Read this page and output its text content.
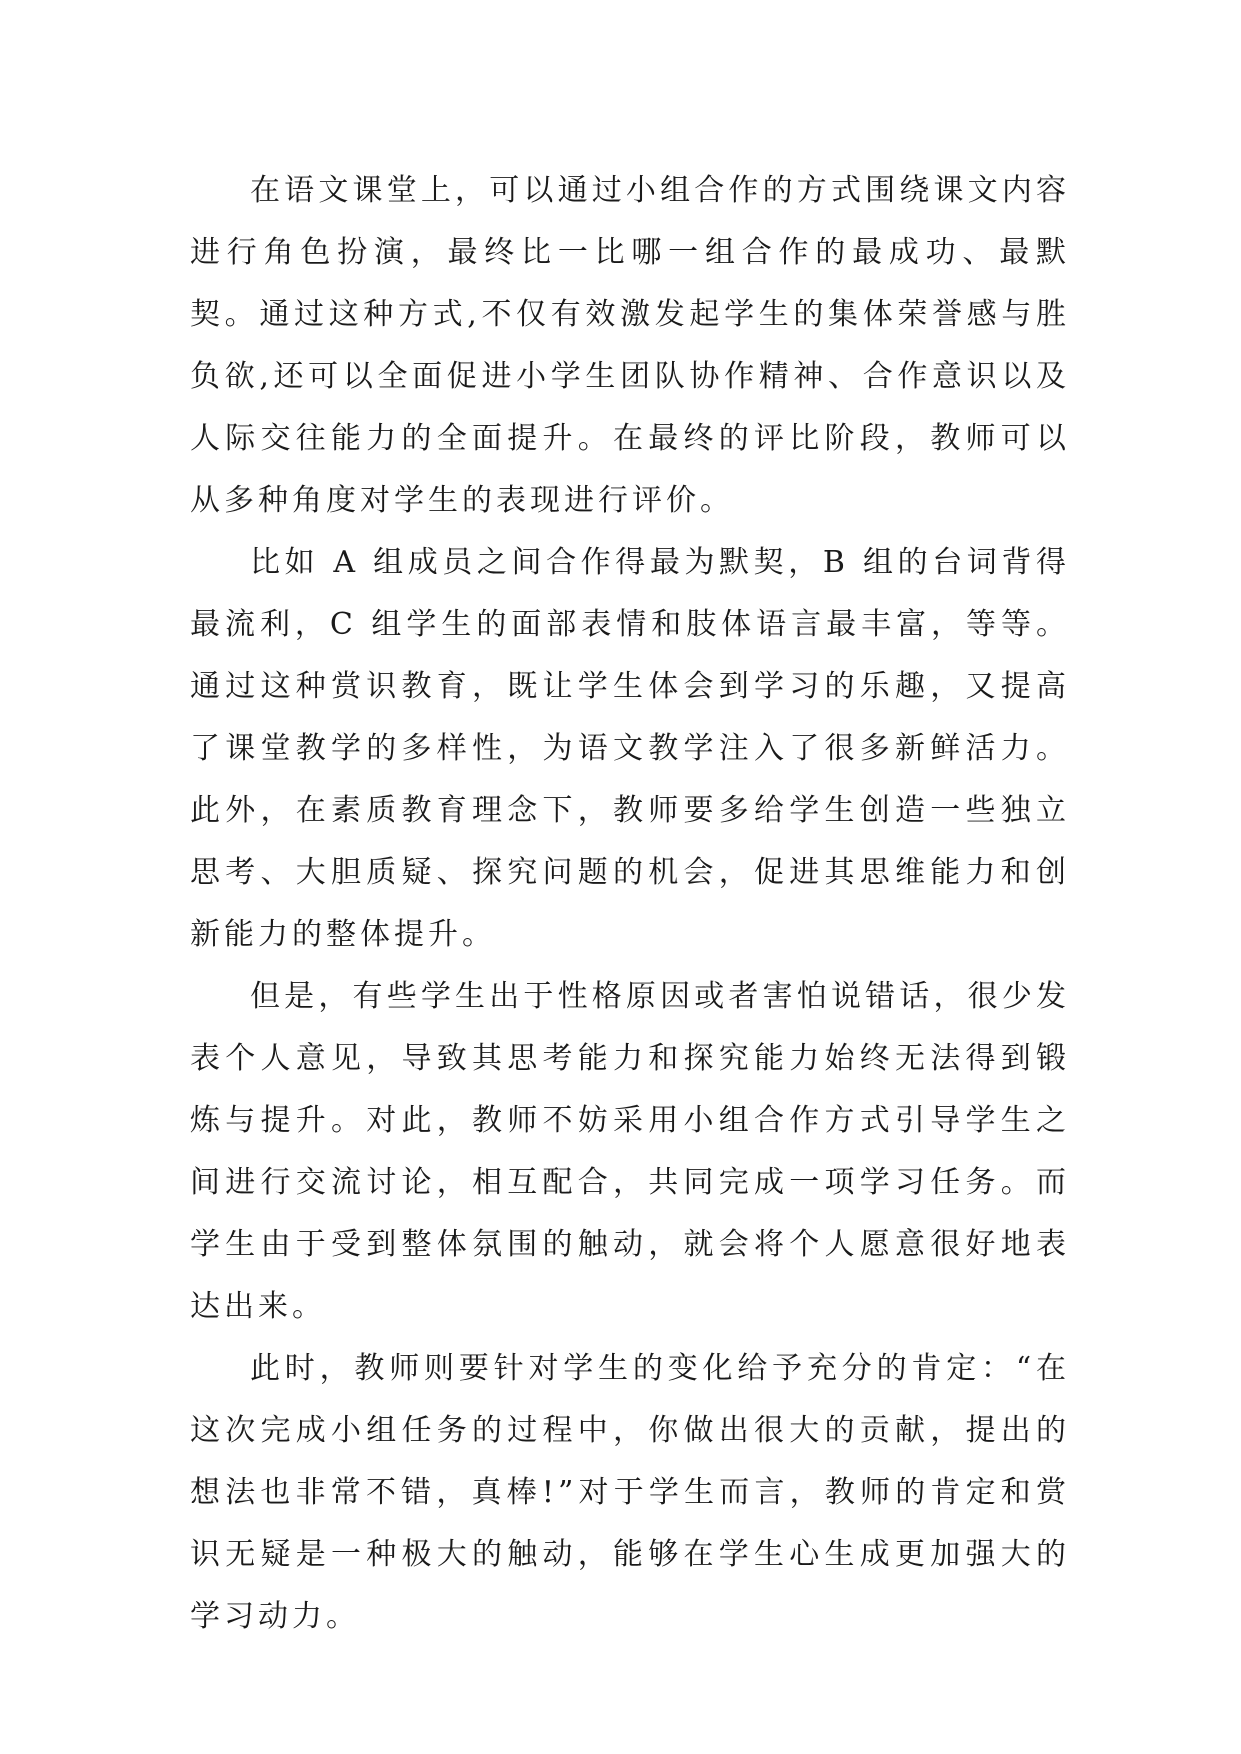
在语文课堂上，可以通过小组合作的方式围绕课文内容进行角色扮演，最终比一比哪一组合作的最成功、最默契。通过这种方式,不仅有效激发起学生的集体荣誉感与胜负欲,还可以全面促进小学生团队协作精神、合作意识以及人际交往能力的全面提升。在最终的评比阶段，教师可以从多种角度对学生的表现进行评价。

比如 A 组成员之间合作得最为默契，B 组的台词背得最流利，C 组学生的面部表情和肢体语言最丰富，等等。通过这种赏识教育，既让学生体会到学习的乐趣，又提高了课堂教学的多样性，为语文教学注入了很多新鲜活力。此外，在素质教育理念下，教师要多给学生创造一些独立思考、大胆质疑、探究问题的机会，促进其思维能力和创新能力的整体提升。

但是，有些学生出于性格原因或者害怕说错话，很少发表个人意见，导致其思考能力和探究能力始终无法得到锻炼与提升。对此，教师不妨采用小组合作方式引导学生之间进行交流讨论，相互配合，共同完成一项学习任务。而学生由于受到整体氛围的触动，就会将个人愿意很好地表达出来。

此时，教师则要针对学生的变化给予充分的肯定：“在这次完成小组任务的过程中，你做出很大的贡献，提出的想法也非常不错，真棒!”对于学生而言，教师的肯定和赏识无疑是一种极大的触动，能够在学生心生成更加强大的学习动力。
